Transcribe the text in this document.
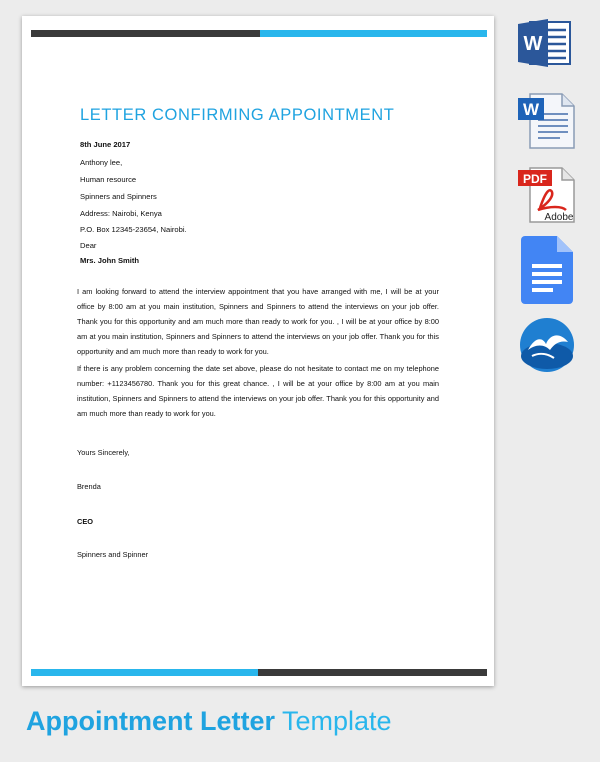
LETTER CONFIRMING APPOINTMENT
8th June 2017
Anthony lee,
Human resource
Spinners and Spinners
Address: Nairobi, Kenya
P.O. Box 12345-23654, Nairobi.
Dear
Mrs. John Smith
I am looking forward to attend the interview appointment that you have arranged with me, I will be at your office by 8:00 am at you main institution, Spinners and Spinners to attend the interviews on your job offer. Thank you for this opportunity and am much more than ready to work for you. , I will be at your office by 8:00 am at you main institution, Spinners and Spinners to attend the interviews on your job offer. Thank you for this opportunity and am much more than ready to work for you.
If there is any problem concerning the date set above, please do not hesitate to contact me on my telephone number: +1123456780. Thank you for this great chance. , I will be at your office by 8:00 am at you main institution, Spinners and Spinners to attend the interviews on your job offer. Thank you for this opportunity and am much more than ready to work for you.
Yours Sincerely,
Brenda
CEO
Spinners and Spinner
W
W
PDF
Adobe
Appointment Letter Template
